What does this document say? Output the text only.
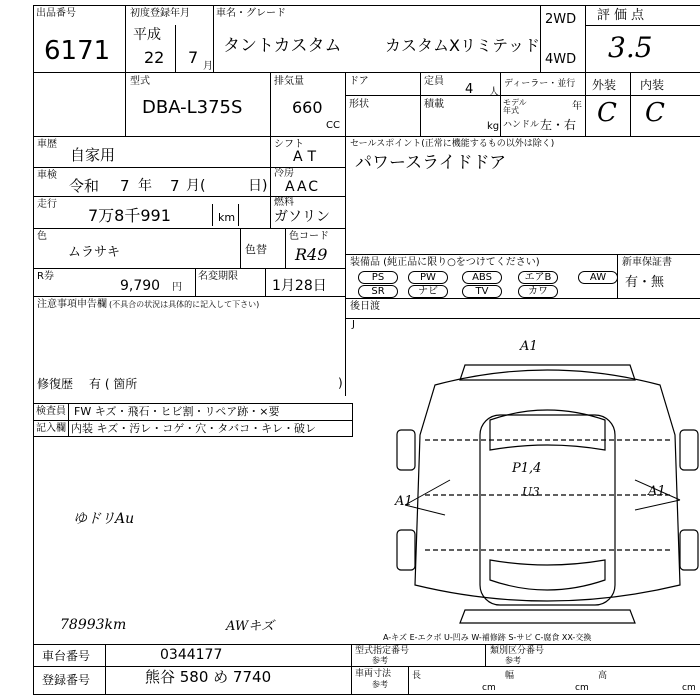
出品番号
6171
初度登録年月
平成
22 7 月
車名・グレード
タントカスタム	カスタムXリミテッド
2WD
4WD
評価点
3.5
型式
DBA-L375S
排気量
660
CC
ドア	定員
4 人
ディーラー・並行
形状	積載
kg
モデル年式	年
ハンドル 左・右
外装 内装
C C
車歴
自家用
シフト
AT
車検
令和 7 年 7 月(	日)
冷房
AAC
走行
7万8千991	km
燃料
ガソリン
色
ムラサキ	色替
色コード
R49
R券
9,790 円
名変期限
1月28日
注意事項申告欄 (不具合の状況は具体的に記入して下さい)
修復歴 有 ( 箇所	)
セールスポイント(正常に機能するもの以外は除く)
パワースライドドア
装備品 (純正品に限り○をつけてください)	新車保証書
有・無
PS	PW	ABS	エアB	AW
SR	ナビ	TV	カワ
後日渡
J
検査員
記入欄
FW キズ・飛石・ヒビ割・リペア跡・×要
内装 キズ・汚レ・コゲ・穴・タバコ・キレ・破レ
ゆドリAu
78993km	AWキズ
A1
A1
A1
P1,4
U3
A-キズ E-エクボ U-凹み W-補修跡 S-サビ C-腐食 XX-交換
車台番号	0344177
登録番号	熊谷 580 め 7740
型式指定番号
参考
類別区分番号
参考
車両寸法
参考
長
cm
幅
cm
高
cm
